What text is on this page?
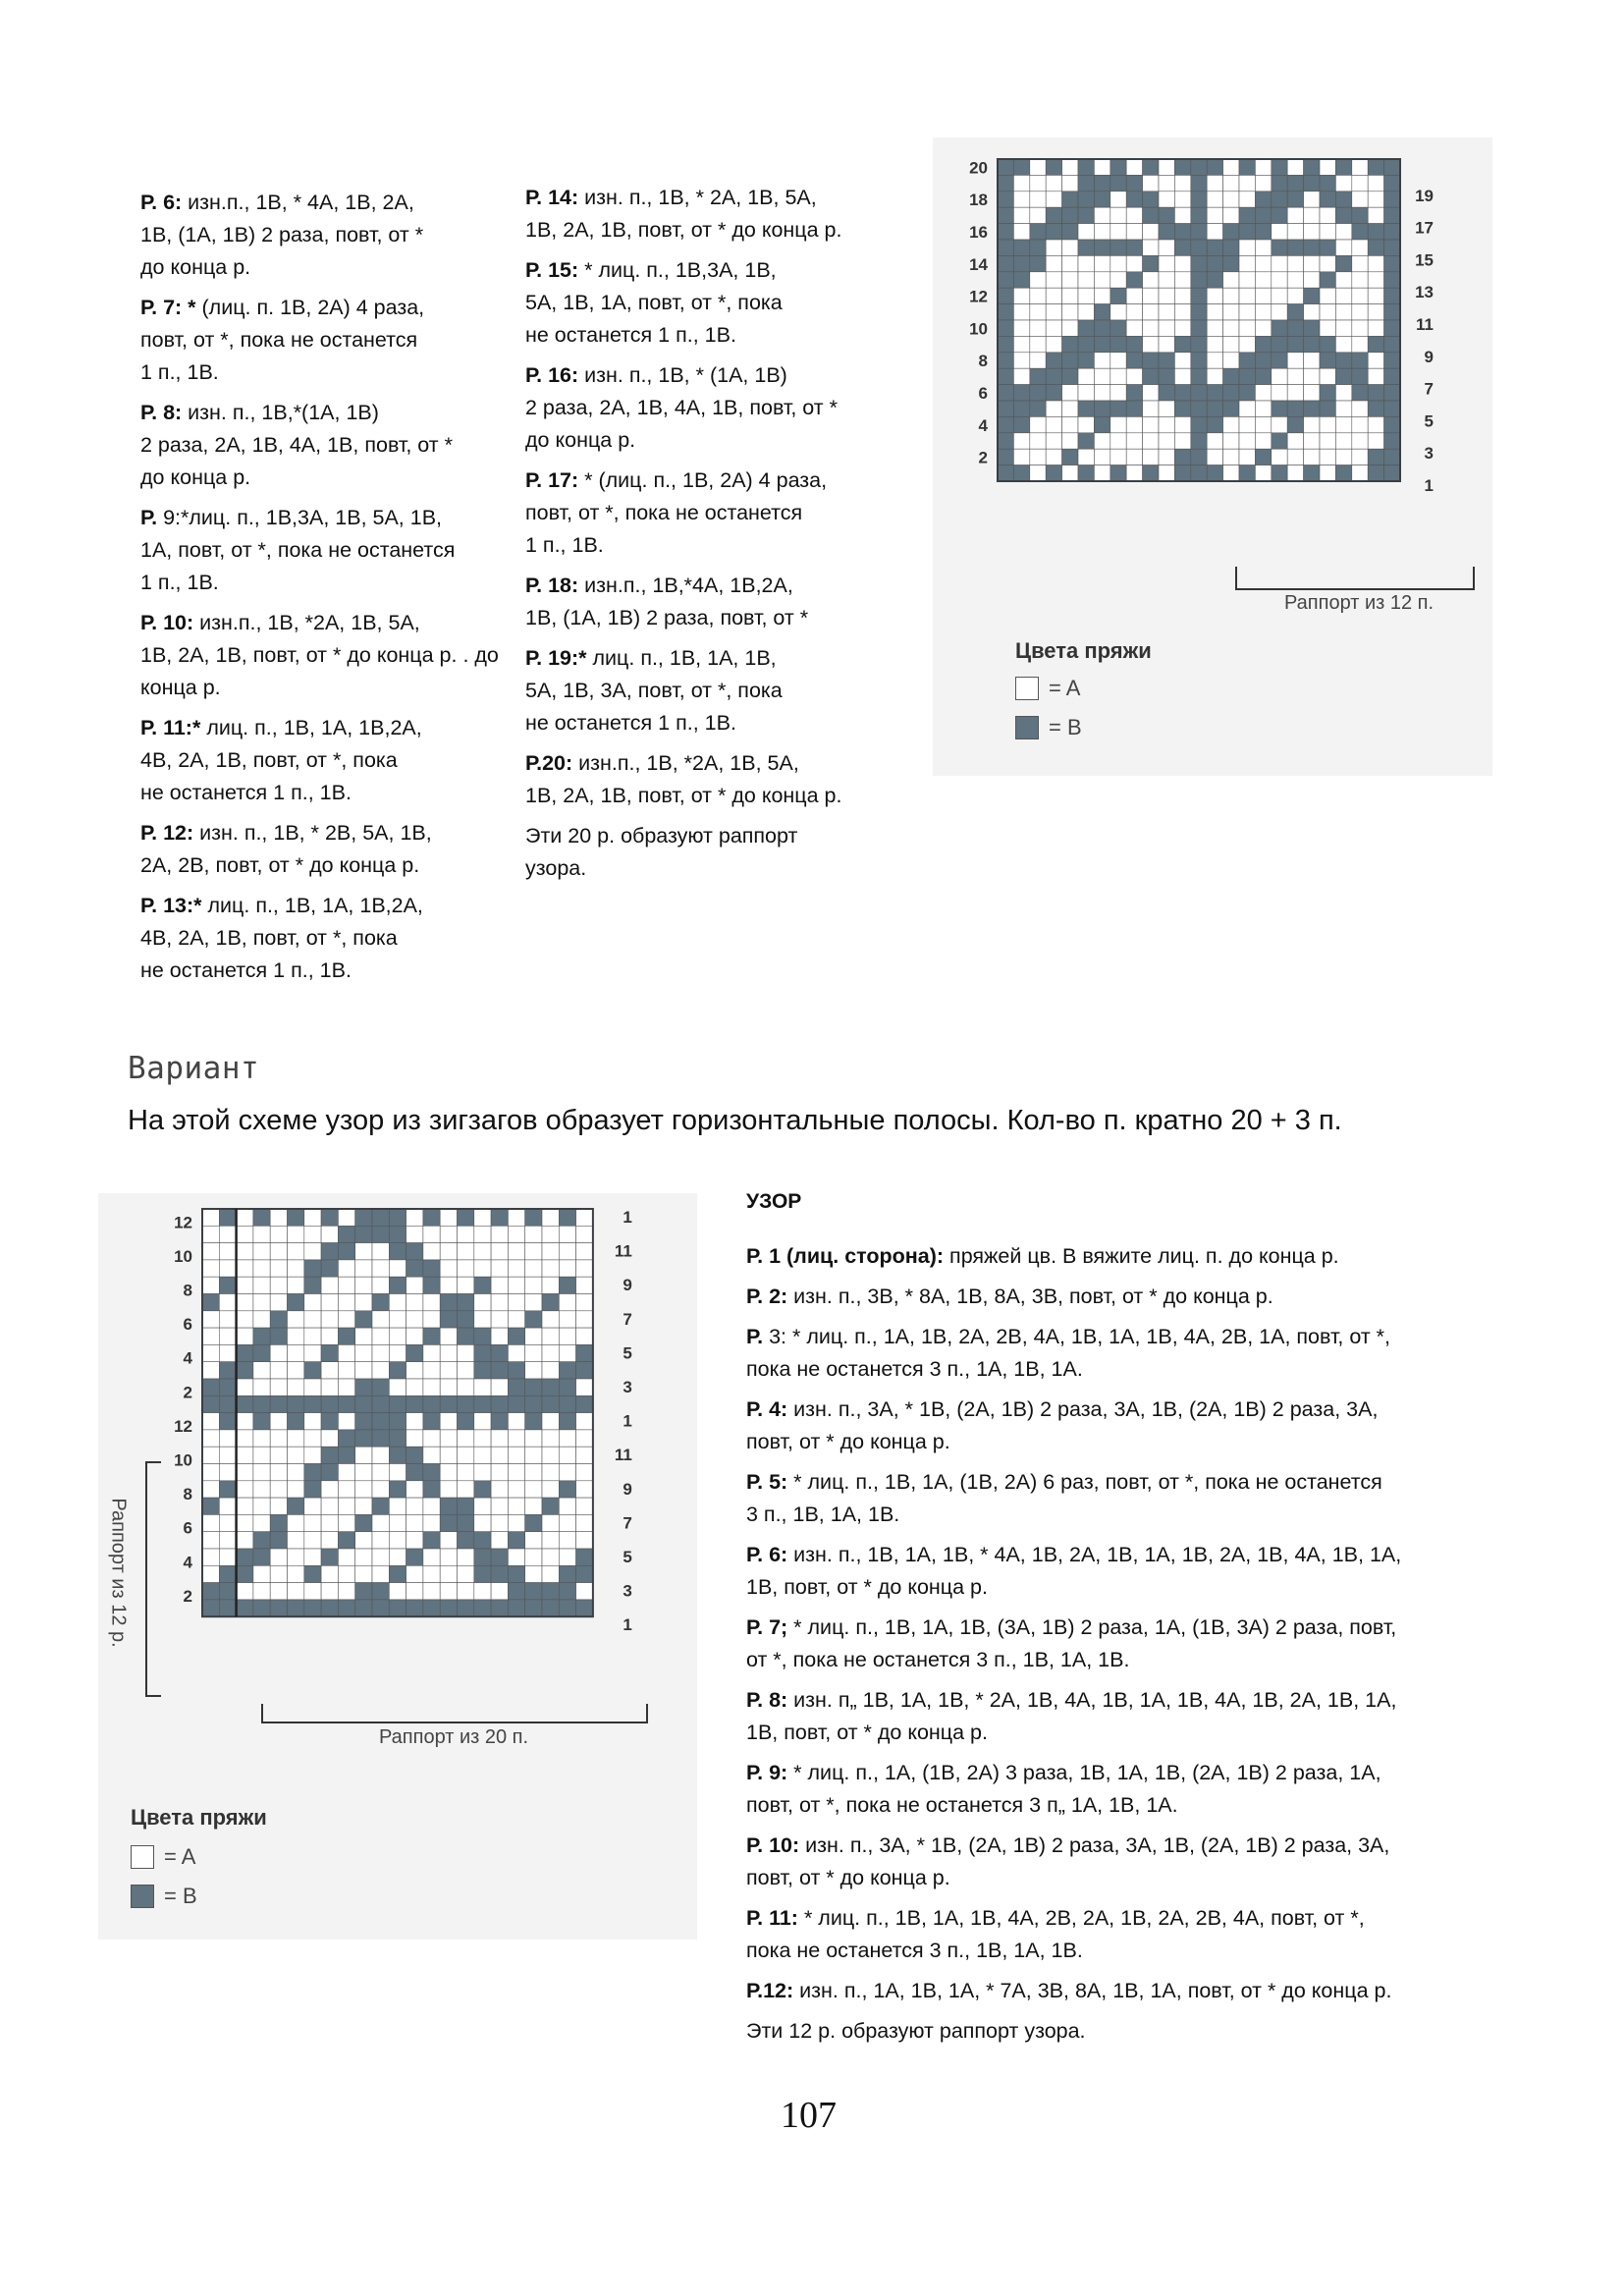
Р. 6: изн.п., 1В, * 4А, 1В, 2А,
1В, (1А, 1В) 2 раза, повт, от *
до конца р.

Р. 7: * (лиц. п. 1В, 2А) 4 раза,
повт, от *, пока не останется
1 п., 1В.

Р. 8: изн. п., 1В,*(1А, 1В)
2 раза, 2А, 1В, 4А, 1В, повт, от *
до конца р.

Р. 9:*лиц. п., 1В,3А, 1В, 5А, 1В,
1А, повт, от *, пока не останется
1 п., 1В.

Р. 10: изн.п., 1В, *2А, 1В, 5А,
1В, 2А, 1В, повт, от * до конца р. . до конца р.

Р. 11:* лиц. п., 1В, 1А, 1В,2А,
4В, 2А, 1В, повт, от *, пока
не останется 1 п., 1В.

Р. 12: изн. п., 1В, * 2В, 5А, 1В,
2А, 2В, повт, от * до конца р.

Р. 13:* лиц. п., 1В, 1А, 1В,2А,
4В, 2А, 1В, повт, от *, пока
не останется 1 п., 1В.

Р. 14: изн. п., 1В, * 2А, 1В, 5А,
1В, 2А, 1В, повт, от * до конца р.

Р. 15: * лиц. п., 1В,3А, 1В,
5А, 1В, 1А, повт, от *, пока
не останется 1 п., 1В.

Р. 16: изн. п., 1В, * (1А, 1В)
2 раза, 2А, 1В, 4А, 1В, повт, от *
до конца р.

Р. 17: * (лиц. п., 1В, 2А) 4 раза,
повт, от *, пока не останется
1 п., 1В.

Р. 18: изн.п., 1В,*4А, 1В,2А,
1В, (1А, 1В) 2 раза, повт, от *

Р. 19:* лиц. п., 1В, 1А, 1В,
5А, 1В, 3А, повт, от *, пока
не останется 1 п., 1В.

Р.20: изн.п., 1В, *2А, 1В, 5А,
1В, 2А, 1В, повт, от * до конца р.

Эти 20 р. образуют раппорт
узора.

20
18
16
14
12
10
8
6
4
2
19
17
15
13
11
9
7
5
3
1
Раппорт из 12 п.
Цвета пряжи
= A
= B
Вариант
На этой схеме узор из зигзагов образует горизонтальные полосы. Кол-во п. кратно 20 + 3 п.
12
10
8
6
4
2
12
10
8
6
4
2
1
11
9
7
5
3
1
11
9
7
5
3
1
Раппорт из 20 п.
Раппорт из 12 р.
Цвета пряжи
= A
= B
УЗОР

Р. 1 (лиц. сторона): пряжей цв. В вяжите лиц. п. до конца р.

Р. 2: изн. п., 3В, * 8А, 1В, 8А, 3В, повт, от * до конца р.

Р. 3: * лиц. п., 1А, 1В, 2А, 2В, 4А, 1В, 1А, 1В, 4А, 2В, 1А, повт, от *,
пока не останется 3 п., 1А, 1В, 1А.

Р. 4: изн. п., 3А, * 1В, (2А, 1В) 2 раза, 3А, 1В, (2А, 1В) 2 раза, 3А,
повт, от * до конца р.

Р. 5: * лиц. п., 1В, 1А, (1В, 2А) 6 раз, повт, от *, пока не останется
3 п., 1В, 1А, 1В.

Р. 6: изн. п., 1В, 1А, 1В, * 4А, 1В, 2А, 1В, 1А, 1В, 2А, 1В, 4А, 1В, 1А,
1В, повт, от * до конца р.

Р. 7; * лиц. п., 1В, 1А, 1В, (3А, 1В) 2 раза, 1А, (1В, 3А) 2 раза, повт,
от *, пока не останется 3 п., 1В, 1А, 1В.

Р. 8: изн. п„ 1В, 1А, 1В, * 2А, 1В, 4А, 1В, 1А, 1В, 4А, 1В, 2А, 1В, 1А,
1В, повт, от * до конца р.

Р. 9: * лиц. п., 1А, (1В, 2А) 3 раза, 1В, 1А, 1В, (2А, 1В) 2 раза, 1А,
повт, от *, пока не останется 3 п„ 1А, 1В, 1А.

Р. 10: изн. п., 3А, * 1В, (2А, 1В) 2 раза, 3А, 1В, (2А, 1В) 2 раза, 3А,
повт, от * до конца р.

Р. 11: * лиц. п., 1В, 1А, 1В, 4А, 2В, 2А, 1В, 2А, 2В, 4А, повт, от *,
пока не останется 3 п., 1В, 1А, 1В.

Р.12: изн. п., 1А, 1В, 1А, * 7А, 3В, 8А, 1В, 1А, повт, от * до конца р.

Эти 12 р. образуют раппорт узора.

107
